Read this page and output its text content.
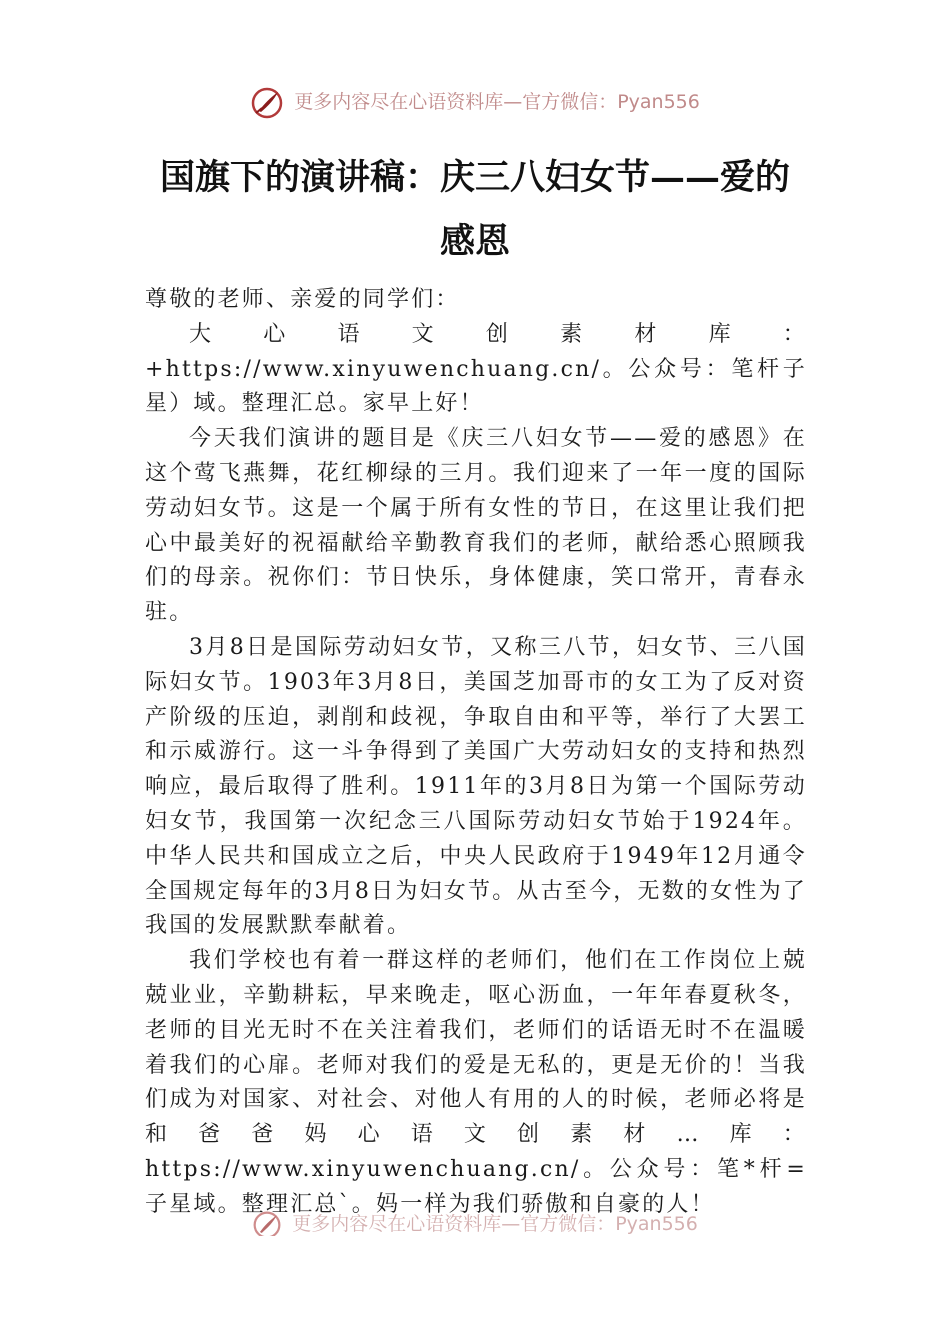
更多内容尽在心语资料库—官方微信：Pyan556
国旗下的演讲稿：庆三八妇女节——爱的感恩

尊敬的老师、亲爱的同学们：

大心语文创素材库：+https://www.xinyuwenchuang.cn/。公众号：笔杆子星）域。整理汇总。家早上好！

今天我们演讲的题目是《庆三八妇女节——爱的感恩》在这个莺飞燕舞，花红柳绿的三月。我们迎来了一年一度的国际劳动妇女节。这是一个属于所有女性的节日，在这里让我们把心中最美好的祝福献给辛勤教育我们的老师，献给悉心照顾我们的母亲。祝你们：节日快乐，身体健康，笑口常开，青春永驻。

3月8日是国际劳动妇女节，又称三八节，妇女节、三八国际妇女节。1903年3月8日，美国芝加哥市的女工为了反对资产阶级的压迫，剥削和歧视，争取自由和平等，举行了大罢工和示威游行。这一斗争得到了美国广大劳动妇女的支持和热烈响应，最后取得了胜利。1911年的3月8日为第一个国际劳动妇女节，我国第一次纪念三八国际劳动妇女节始于1924年。中华人民共和国成立之后，中央人民政府于1949年12月通令全国规定每年的3月8日为妇女节。从古至今，无数的女性为了我国的发展默默奉献着。

我们学校也有着一群这样的老师们，他们在工作岗位上兢兢业业，辛勤耕耘，早来晚走，呕心沥血，一年年春夏秋冬，老师的目光无时不在关注着我们，老师们的话语无时不在温暖着我们的心扉。老师对我们的爱是无私的，更是无价的！当我们成为对国家、对社会、对他人有用的人的时候，老师必将是和爸爸妈心语文创素材…库：https://www.xinyuwenchuang.cn/。公众号：笔*杆=子星域。整理汇总`。妈一样为我们骄傲和自豪的人！

更多内容尽在心语资料库—官方微信：Pyan556
